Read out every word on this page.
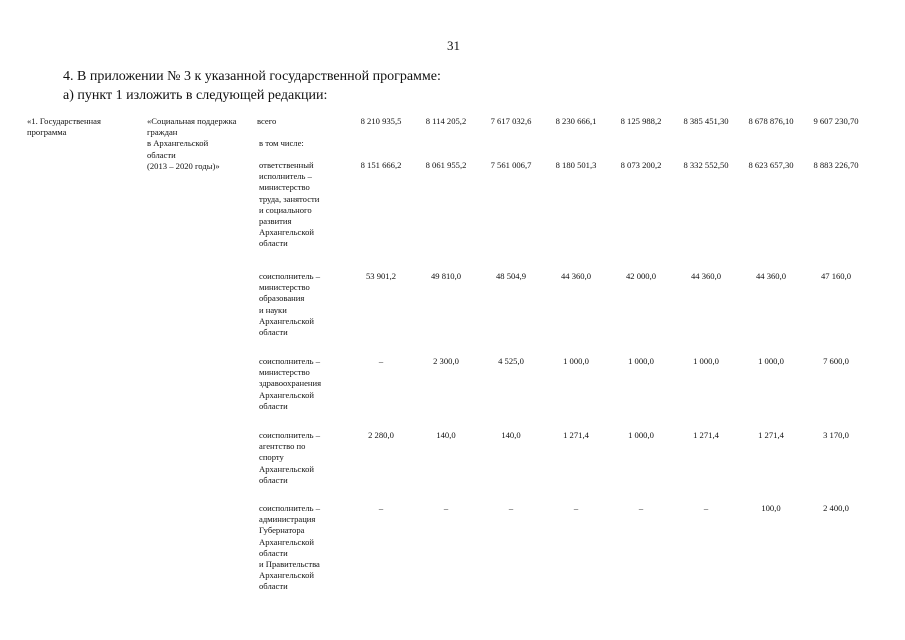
31
4. В приложении № 3 к указанной государственной программе:
а) пункт 1 изложить в следующей редакции:
«1. Государственная
программа
«Социальная поддержка
граждан
в Архангельской
области
(2013 – 2020 годы)»
всего	8 210 935,5	8 114 205,2	7 617 032,6	8 230 666,1	8 125 988,2	8 385 451,30	8 678 876,10	9 607 230,70
в том числе:
ответственный
исполнитель –
министерство
труда, занятости
и социального
развития
Архангельской
области
8 151 666,2	8 061 955,2	7 561 006,7	8 180 501,3	8 073 200,2	8 332 552,50	8 623 657,30	8 883 226,70
соисполнитель –
министерство
образования
и науки
Архангельской
области
53 901,2	49 810,0	48 504,9	44 360,0	42 000,0	44 360,0	44 360,0	47 160,0
соисполнитель –
министерство
здравоохранения
Архангельской
области
–	2 300,0	4 525,0	1 000,0	1 000,0	1 000,0	1 000,0	7 600,0
соисполнитель –
агентство по
спорту
Архангельской
области
2 280,0	140,0	140,0	1 271,4	1 000,0	1 271,4	1 271,4	3 170,0
соисполнитель –
администрация
Губернатора
Архангельской
области
и Правительства
Архангельской
области
–	–	–	–	–	–	100,0	2 400,0
